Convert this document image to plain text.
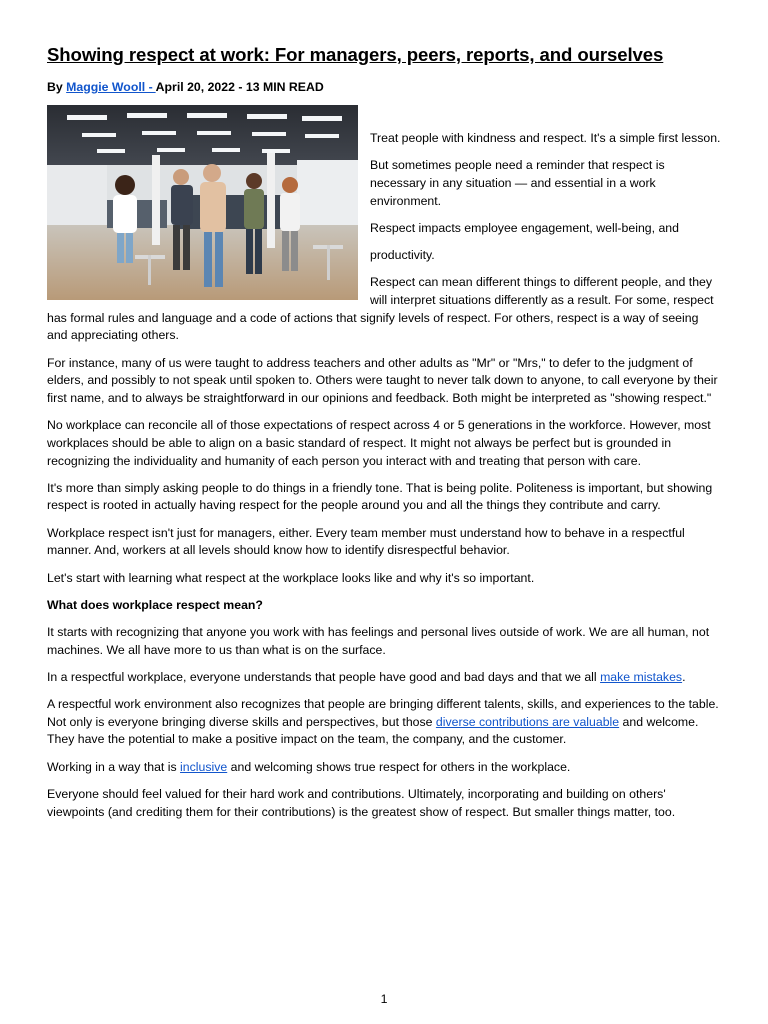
Showing respect at work: For managers, peers, reports, and ourselves
By Maggie Wooll - April 20, 2022 - 13 MIN READ

Treat people with kindness and respect. It's a simple first lesson.

But sometimes people need a reminder that respect is necessary in any situation — and essential in a work environment.

Respect impacts employee engagement, well-being, and

productivity.

Respect can mean different things to different people, and they will interpret situations differently as a result. For some, respect has formal rules and language and a code of actions that signify levels of respect. For others, respect is a way of seeing and appreciating others.

For instance, many of us were taught to address teachers and other adults as "Mr" or "Mrs," to defer to the judgment of elders, and possibly to not speak until spoken to. Others were taught to never talk down to anyone, to call everyone by their first name, and to always be straightforward in our opinions and feedback. Both might be interpreted as "showing respect."

No workplace can reconcile all of those expectations of respect across 4 or 5 generations in the workforce. However, most workplaces should be able to align on a basic standard of respect. It might not always be perfect but is grounded in recognizing the individuality and humanity of each person you interact with and treating that person with care.

It's more than simply asking people to do things in a friendly tone. That is being polite. Politeness is important, but showing respect is rooted in actually having respect for the people around you and all the things they contribute and carry.

Workplace respect isn't just for managers, either. Every team member must understand how to behave in a respectful manner. And, workers at all levels should know how to identify disrespectful behavior.

Let's start with learning what respect at the workplace looks like and why it's so important.

What does workplace respect mean?

It starts with recognizing that anyone you work with has feelings and personal lives outside of work. We are all human, not machines. We all have more to us than what is on the surface.

In a respectful workplace, everyone understands that people have good and bad days and that we all make mistakes.

A respectful work environment also recognizes that people are bringing different talents, skills, and experiences to the table. Not only is everyone bringing diverse skills and perspectives, but those diverse contributions are valuable and welcome. They have the potential to make a positive impact on the team, the company, and the customer.

Working in a way that is inclusive and welcoming shows true respect for others in the workplace.

Everyone should feel valued for their hard work and contributions. Ultimately, incorporating and building on others' viewpoints (and crediting them for their contributions) is the greatest show of respect. But smaller things matter, too.

1
